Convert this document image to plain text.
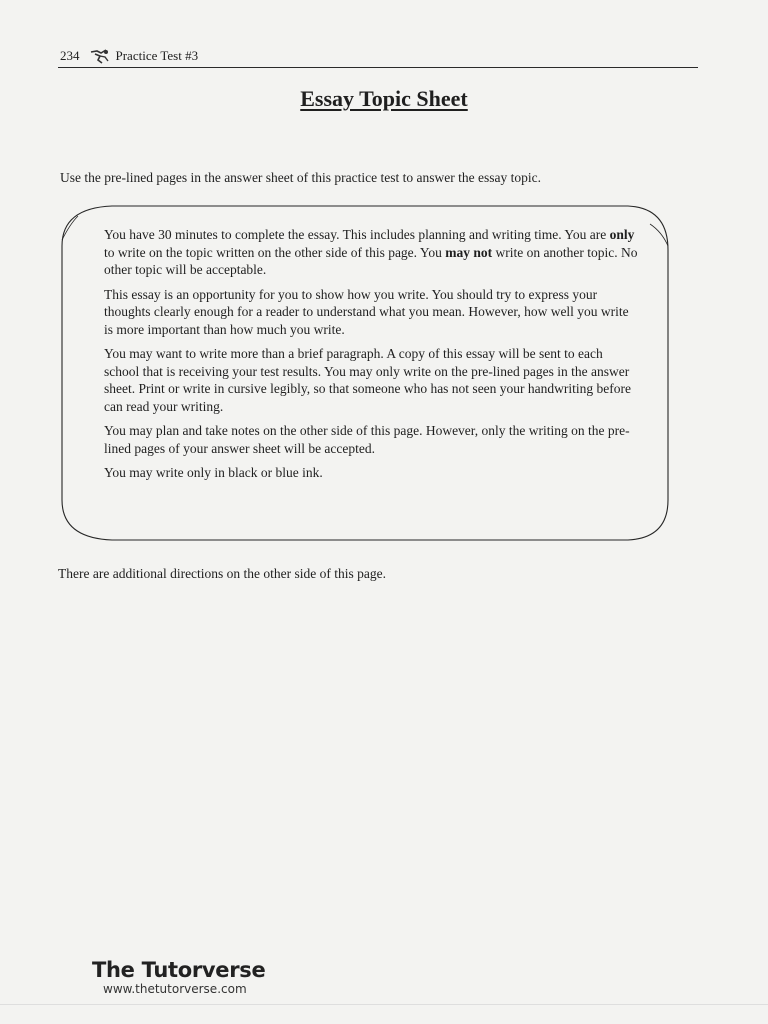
234	Practice Test #3
Essay Topic Sheet
Use the pre-lined pages in the answer sheet of this practice test to answer the essay topic.

You have 30 minutes to complete the essay. This includes planning and writing time. You are only to write on the topic written on the other side of this page. You may not write on another topic. No other topic will be acceptable.

This essay is an opportunity for you to show how you write. You should try to express your thoughts clearly enough for a reader to understand what you mean. However, how well you write is more important than how much you write.

You may want to write more than a brief paragraph. A copy of this essay will be sent to each school that is receiving your test results. You may only write on the pre-lined pages in the answer sheet. Print or write in cursive legibly, so that someone who has not seen your handwriting before can read your writing.

You may plan and take notes on the other side of this page. However, only the writing on the pre-lined pages of your answer sheet will be accepted.

You may write only in black or blue ink.

There are additional directions on the other side of this page.
The Tutorverse
www.thetutorverse.com
